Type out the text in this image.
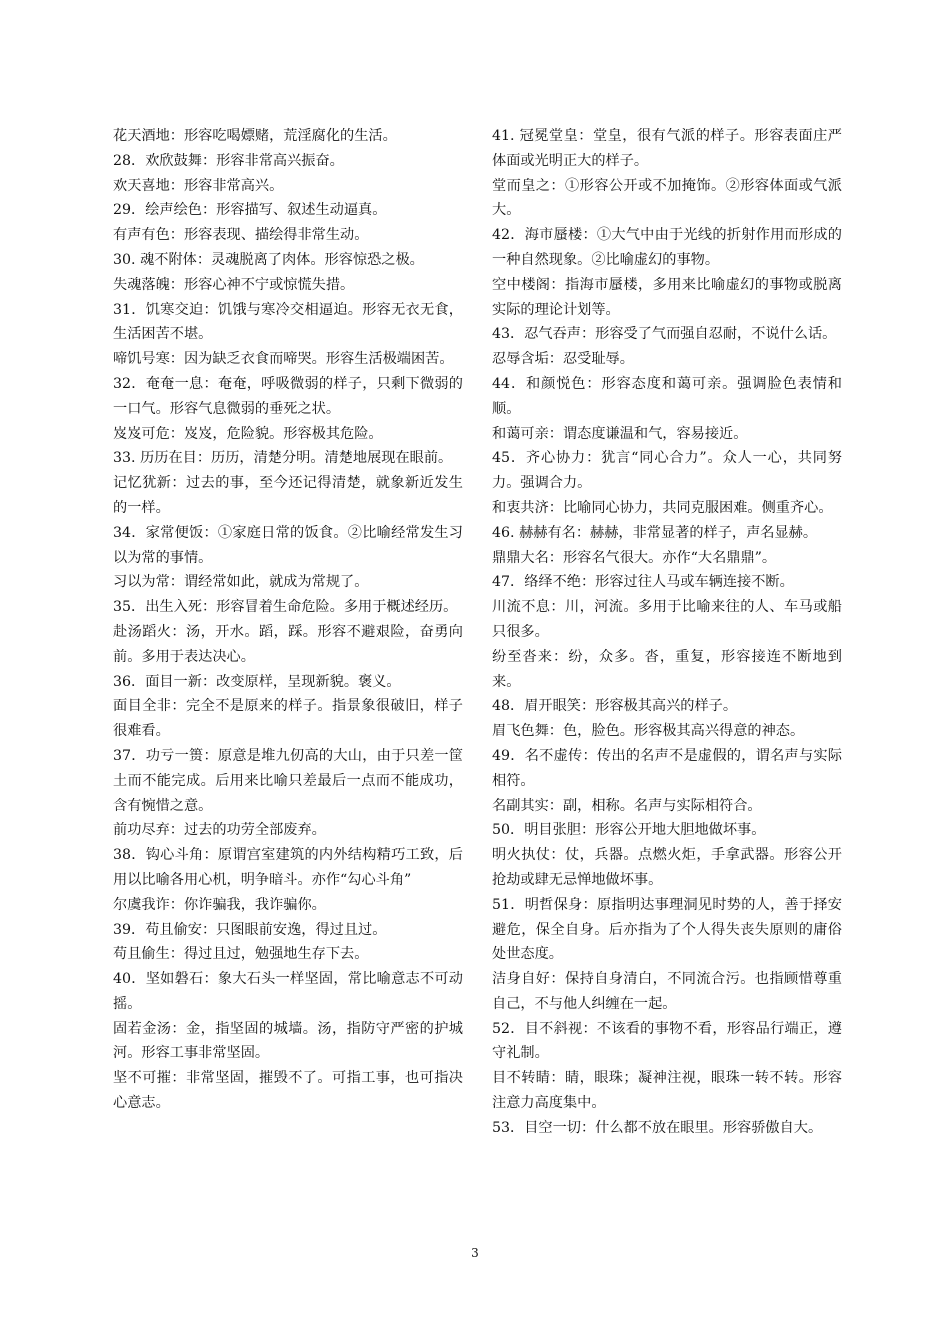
花天酒地：形容吃喝嫖赌，荒淫腐化的生活。

28．欢欣鼓舞：形容非常高兴振奋。

欢天喜地：形容非常高兴。

29．绘声绘色：形容描写、叙述生动逼真。

有声有色：形容表现、描绘得非常生动。

30. 魂不附体：灵魂脱离了肉体。形容惊恐之极。

失魂落魄：形容心神不宁或惊慌失措。

31．饥寒交迫：饥饿与寒冷交相逼迫。形容无衣无食，生活困苦不堪。

啼饥号寒：因为缺乏衣食而啼哭。形容生活极端困苦。

32．奄奄一息：奄奄，呼吸微弱的样子，只剩下微弱的一口气。形容气息微弱的垂死之状。

岌岌可危：岌岌，危险貌。形容极其危险。

33. 历历在目：历历，清楚分明。清楚地展现在眼前。

记忆犹新：过去的事，至今还记得清楚，就象新近发生的一样。

34．家常便饭：①家庭日常的饭食。②比喻经常发生习以为常的事情。

习以为常：谓经常如此，就成为常规了。

35．出生入死：形容冒着生命危险。多用于概述经历。

赴汤蹈火：汤，开水。蹈，踩。形容不避艰险，奋勇向前。多用于表达决心。

36．面目一新：改变原样，呈现新貌。褒义。

面目全非：完全不是原来的样子。指景象很破旧，样子很难看。

37．功亏一篑：原意是堆九仞高的大山，由于只差一筐土而不能完成。后用来比喻只差最后一点而不能成功，含有惋惜之意。

前功尽弃：过去的功劳全部废弃。

38．钩心斗角：原谓宫室建筑的内外结构精巧工致，后用以比喻各用心机，明争暗斗。亦作“勾心斗角”

尔虞我诈：你诈骗我，我诈骗你。

39．苟且偷安：只图眼前安逸，得过且过。

苟且偷生：得过且过，勉强地生存下去。

40．坚如磐石：象大石头一样坚固，常比喻意志不可动摇。

固若金汤：金，指坚固的城墙。汤，指防守严密的护城河。形容工事非常坚固。

坚不可摧：非常坚固，摧毁不了。可指工事，也可指决心意志。

41. 冠冕堂皇：堂皇，很有气派的样子。形容表面庄严体面或光明正大的样子。

堂而皇之：①形容公开或不加掩饰。②形容体面或气派大。

42．海市蜃楼：①大气中由于光线的折射作用而形成的一种自然现象。②比喻虚幻的事物。

空中楼阁：指海市蜃楼，多用来比喻虚幻的事物或脱离实际的理论计划等。

43．忍气吞声：形容受了气而强自忍耐，不说什么话。

忍辱含垢：忍受耻辱。

44．和颜悦色：形容态度和蔼可亲。强调脸色表情和顺。

和蔼可亲：谓态度谦温和气，容易接近。

45．齐心协力：犹言“同心合力”。众人一心，共同努力。强调合力。

和衷共济：比喻同心协力，共同克服困难。侧重齐心。

46. 赫赫有名：赫赫，非常显著的样子，声名显赫。

鼎鼎大名：形容名气很大。亦作“大名鼎鼎”。

47．络绎不绝：形容过往人马或车辆连接不断。

川流不息：川，河流。多用于比喻来往的人、车马或船只很多。

纷至沓来：纷，众多。沓，重复，形容接连不断地到来。

48．眉开眼笑：形容极其高兴的样子。

眉飞色舞：色，脸色。形容极其高兴得意的神态。

49．名不虚传：传出的名声不是虚假的，谓名声与实际相符。

名副其实：副，相称。名声与实际相符合。

50．明目张胆：形容公开地大胆地做坏事。

明火执仗：仗，兵器。点燃火炬，手拿武器。形容公开抢劫或肆无忌惮地做坏事。

51．明哲保身：原指明达事理洞见时势的人，善于择安避危，保全自身。后亦指为了个人得失丧失原则的庸俗处世态度。

洁身自好：保持自身清白，不同流合污。也指顾惜尊重自己，不与他人纠缠在一起。

52．目不斜视：不该看的事物不看，形容品行端正，遵守礼制。

目不转睛：睛，眼珠；凝神注视，眼珠一转不转。形容注意力高度集中。

53．目空一切：什么都不放在眼里。形容骄傲自大。

3
